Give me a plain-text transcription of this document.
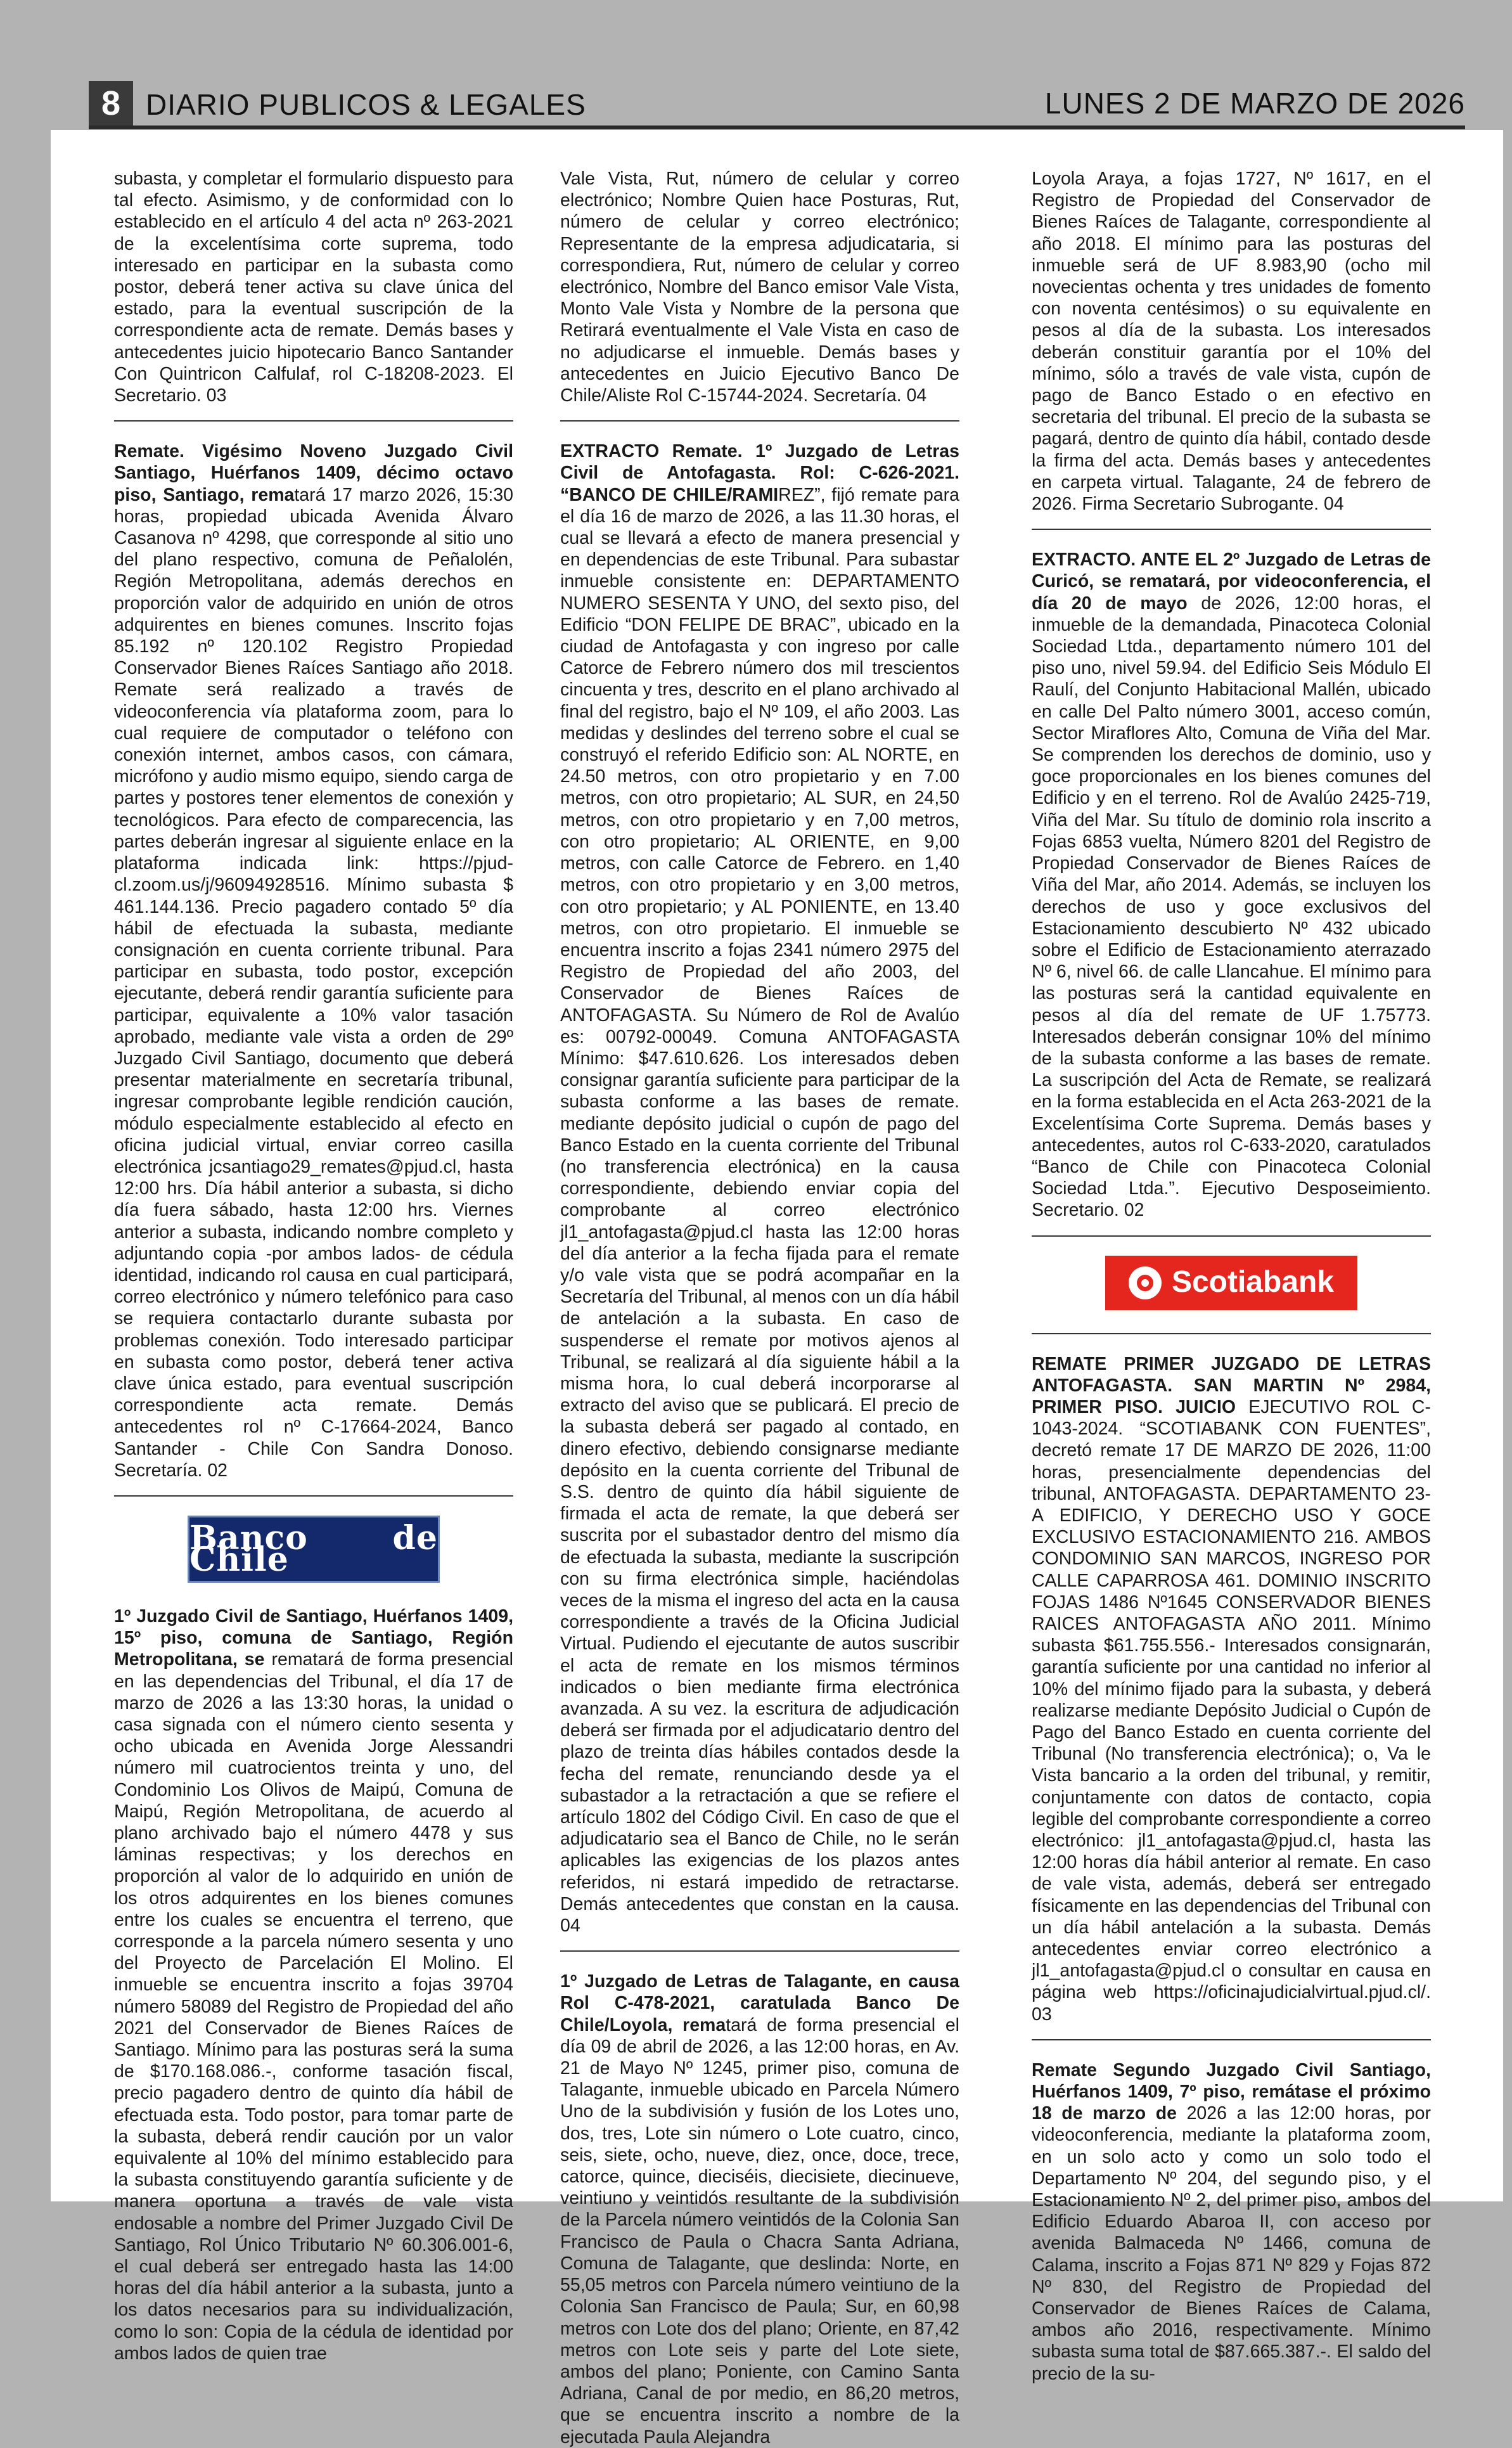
8 DIARIO PUBLICOS & LEGALES	LUNES 2 DE MARZO DE 2026

subasta, y completar el formulario dispuesto para tal efecto. Asimismo, y de conformidad con lo establecido en el artículo 4 del acta nº 263-2021 de la excelentísima corte suprema, todo interesado en participar en la subasta como postor, deberá tener activa su clave única del estado, para la eventual suscripción de la correspondiente acta de remate. Demás bases y antecedentes juicio hipotecario Banco Santander Con Quintricon Calfulaf, rol C-18208-2023. El Secretario. 03

Remate. Vigésimo Noveno Juzgado Civil Santiago, Huérfanos 1409, décimo octavo piso, Santiago, rematará 17 marzo 2026, 15:30 horas, propiedad ubicada Avenida Álvaro Casanova nº 4298, que corresponde al sitio uno del plano respectivo, comuna de Peñalolén, Región Metropolitana, además derechos en proporción valor de adquirido en unión de otros adquirentes en bienes comunes. Inscrito fojas 85.192 nº 120.102 Registro Propiedad Conservador Bienes Raíces Santiago año 2018. Remate será realizado a través de videoconferencia vía plataforma zoom, para lo cual requiere de computador o teléfono con conexión internet, ambos casos, con cámara, micrófono y audio mismo equipo, siendo carga de partes y postores tener elementos de conexión y tecnológicos. Para efecto de comparecencia, las partes deberán ingresar al siguiente enlace en la plataforma indicada link: https://pjud-cl.zoom.us/j/96094928516. Mínimo subasta $ 461.144.136. Precio pagadero contado 5º día hábil de efectuada la subasta, mediante consignación en cuenta corriente tribunal. Para participar en subasta, todo postor, excepción ejecutante, deberá rendir garantía suficiente para participar, equivalente a 10% valor tasación aprobado, mediante vale vista a orden de 29º Juzgado Civil Santiago, documento que deberá presentar materialmente en secretaría tribunal, ingresar comprobante legible rendición caución, módulo especialmente establecido al efecto en oficina judicial virtual, enviar correo casilla electrónica jcsantiago29_remates@pjud.cl, hasta 12:00 hrs. Día hábil anterior a subasta, si dicho día fuera sábado, hasta 12:00 hrs. Viernes anterior a subasta, indicando nombre completo y adjuntando copia -por ambos lados- de cédula identidad, indicando rol causa en cual participará, correo electrónico y número telefónico para caso se requiera contactarlo durante subasta por problemas conexión. Todo interesado participar en subasta como postor, deberá tener activa clave única estado, para eventual suscripción correspondiente acta remate. Demás antecedentes rol nº C-17664-2024, Banco Santander - Chile Con Sandra Donoso. Secretaría. 02

Banco de Chile

1º Juzgado Civil de Santiago, Huérfanos 1409, 15º piso, comuna de Santiago, Región Metropolitana, se rematará de forma presencial en las dependencias del Tribunal, el día 17 de marzo de 2026 a las 13:30 horas, la unidad o casa signada con el número ciento sesenta y ocho ubicada en Avenida Jorge Alessandri número mil cuatrocientos treinta y uno, del Condominio Los Olivos de Maipú, Comuna de Maipú, Región Metropolitana, de acuerdo al plano archivado bajo el número 4478 y sus láminas respectivas; y los derechos en proporción al valor de lo adquirido en unión de los otros adquirentes en los bienes comunes entre los cuales se encuentra el terreno, que corresponde a la parcela número sesenta y uno del Proyecto de Parcelación El Molino. El inmueble se encuentra inscrito a fojas 39704 número 58089 del Registro de Propiedad del año 2021 del Conservador de Bienes Raíces de Santiago. Mínimo para las posturas será la suma de $170.168.086.-, conforme tasación fiscal, precio pagadero dentro de quinto día hábil de efectuada esta. Todo postor, para tomar parte de la subasta, deberá rendir caución por un valor equivalente al 10% del mínimo establecido para la subasta constituyendo garantía suficiente y de manera oportuna a través de vale vista endosable a nombre del Primer Juzgado Civil De Santiago, Rol Único Tributario Nº 60.306.001-6, el cual deberá ser entregado hasta las 14:00 horas del día hábil anterior a la subasta, junto a los datos necesarios para su individualización, como lo son: Copia de la cédula de identidad por ambos lados de quien trae

Vale Vista, Rut, número de celular y correo electrónico; Nombre Quien hace Posturas, Rut, número de celular y correo electrónico; Representante de la empresa adjudicataria, si correspondiera, Rut, número de celular y correo electrónico, Nombre del Banco emisor Vale Vista, Monto Vale Vista y Nombre de la persona que Retirará eventualmente el Vale Vista en caso de no adjudicarse el inmueble. Demás bases y antecedentes en Juicio Ejecutivo Banco De Chile/Aliste Rol C-15744-2024. Secretaría. 04

EXTRACTO Remate. 1º Juzgado de Letras Civil de Antofagasta. Rol: C-626-2021. “BANCO DE CHILE/RAMIREZ”, fijó remate para el día 16 de marzo de 2026, a las 11.30 horas, el cual se llevará a efecto de manera presencial y en dependencias de este Tribunal. Para subastar inmueble consistente en: DEPARTAMENTO NUMERO SESENTA Y UNO, del sexto piso, del Edificio “DON FELIPE DE BRAC”, ubicado en la ciudad de Antofagasta y con ingreso por calle Catorce de Febrero número dos mil trescientos cincuenta y tres, descrito en el plano archivado al final del registro, bajo el Nº 109, el año 2003. Las medidas y deslindes del terreno sobre el cual se construyó el referido Edificio son: AL NORTE, en 24.50 metros, con otro propietario y en 7.00 metros, con otro propietario; AL SUR, en 24,50 metros, con otro propietario y en 7,00 metros, con otro propietario; AL ORIENTE, en 9,00 metros, con calle Catorce de Febrero. en 1,40 metros, con otro propietario y en 3,00 metros, con otro propietario; y AL PONIENTE, en 13.40 metros, con otro propietario. El inmueble se encuentra inscrito a fojas 2341 número 2975 del Registro de Propiedad del año 2003, del Conservador de Bienes Raíces de ANTOFAGASTA. Su Número de Rol de Avalúo es: 00792-00049. Comuna ANTOFAGASTA Mínimo: $47.610.626. Los interesados deben consignar garantía suficiente para participar de la subasta conforme a las bases de remate. mediante depósito judicial o cupón de pago del Banco Estado en la cuenta corriente del Tribunal (no transferencia electrónica) en la causa correspondiente, debiendo enviar copia del comprobante al correo electrónico jl1_antofagasta@pjud.cl hasta las 12:00 horas del día anterior a la fecha fijada para el remate y/o vale vista que se podrá acompañar en la Secretaría del Tribunal, al menos con un día hábil de antelación a la subasta. En caso de suspenderse el remate por motivos ajenos al Tribunal, se realizará al día siguiente hábil a la misma hora, lo cual deberá incorporarse al extracto del aviso que se publicará. El precio de la subasta deberá ser pagado al contado, en dinero efectivo, debiendo consignarse mediante depósito en la cuenta corriente del Tribunal de S.S. dentro de quinto día hábil siguiente de firmada el acta de remate, la que deberá ser suscrita por el subastador dentro del mismo día de efectuada la subasta, mediante la suscripción con su firma electrónica simple, haciéndolas veces de la misma el ingreso del acta en la causa correspondiente a través de la Oficina Judicial Virtual. Pudiendo el ejecutante de autos suscribir el acta de remate en los mismos términos indicados o bien mediante firma electrónica avanzada. A su vez. la escritura de adjudicación deberá ser firmada por el adjudicatario dentro del plazo de treinta días hábiles contados desde la fecha del remate, renunciando desde ya el subastador a la retractación a que se refiere el artículo 1802 del Código Civil. En caso de que el adjudicatario sea el Banco de Chile, no le serán aplicables las exigencias de los plazos antes referidos, ni estará impedido de retractarse. Demás antecedentes que constan en la causa. 04

1º Juzgado de Letras de Talagante, en causa Rol C-478-2021, caratulada Banco De Chile/Loyola, rematará de forma presencial el día 09 de abril de 2026, a las 12:00 horas, en Av. 21 de Mayo Nº 1245, primer piso, comuna de Talagante, inmueble ubicado en Parcela Número Uno de la subdivisión y fusión de los Lotes uno, dos, tres, Lote sin número o Lote cuatro, cinco, seis, siete, ocho, nueve, diez, once, doce, trece, catorce, quince, dieciséis, diecisiete, diecinueve, veintiuno y veintidós resultante de la subdivisión de la Parcela número veintidós de la Colonia San Francisco de Paula o Chacra Santa Adriana, Comuna de Talagante, que deslinda: Norte, en 55,05 metros con Parcela número veintiuno de la Colonia San Francisco de Paula; Sur, en 60,98 metros con Lote dos del plano; Oriente, en 87,42 metros con Lote seis y parte del Lote siete, ambos del plano; Poniente, con Camino Santa Adriana, Canal de por medio, en 86,20 metros, que se encuentra inscrito a nombre de la ejecutada Paula Alejandra

Loyola Araya, a fojas 1727, Nº 1617, en el Registro de Propiedad del Conservador de Bienes Raíces de Talagante, correspondiente al año 2018. El mínimo para las posturas del inmueble será de UF 8.983,90 (ocho mil novecientas ochenta y tres unidades de fomento con noventa centésimos) o su equivalente en pesos al día de la subasta. Los interesados deberán constituir garantía por el 10% del mínimo, sólo a través de vale vista, cupón de pago de Banco Estado o en efectivo en secretaria del tribunal. El precio de la subasta se pagará, dentro de quinto día hábil, contado desde la firma del acta. Demás bases y antecedentes en carpeta virtual. Talagante, 24 de febrero de 2026. Firma Secretario Subrogante. 04

EXTRACTO. ANTE EL 2º Juzgado de Letras de Curicó, se rematará, por videoconferencia, el día 20 de mayo de 2026, 12:00 horas, el inmueble de la demandada, Pinacoteca Colonial Sociedad Ltda., departamento número 101 del piso uno, nivel 59.94. del Edificio Seis Módulo El Raulí, del Conjunto Habitacional Mallén, ubicado en calle Del Palto número 3001, acceso común, Sector Miraflores Alto, Comuna de Viña del Mar. Se comprenden los derechos de dominio, uso y goce proporcionales en los bienes comunes del Edificio y en el terreno. Rol de Avalúo 2425-719, Viña del Mar. Su título de dominio rola inscrito a Fojas 6853 vuelta, Número 8201 del Registro de Propiedad Conservador de Bienes Raíces de Viña del Mar, año 2014. Además, se incluyen los derechos de uso y goce exclusivos del Estacionamiento descubierto Nº 432 ubicado sobre el Edificio de Estacionamiento aterrazado Nº 6, nivel 66. de calle Llancahue. El mínimo para las posturas será la cantidad equivalente en pesos al día del remate de UF 1.75773. Interesados deberán consignar 10% del mínimo de la subasta conforme a las bases de remate. La suscripción del Acta de Remate, se realizará en la forma establecida en el Acta 263-2021 de la Excelentísima Corte Suprema. Demás bases y antecedentes, autos rol C-633-2020, caratulados “Banco de Chile con Pinacoteca Colonial Sociedad Ltda.”. Ejecutivo Desposeimiento. Secretario. 02

Scotiabank

REMATE PRIMER JUZGADO DE LETRAS ANTOFAGASTA. SAN MARTIN Nº 2984, PRIMER PISO. JUICIO EJECUTIVO ROL C-1043-2024. “SCOTIABANK CON FUENTES”, decretó remate 17 DE MARZO DE 2026, 11:00 horas, presencialmente dependencias del tribunal, ANTOFAGASTA. DEPARTAMENTO 23-A EDIFICIO, Y DERECHO USO Y GOCE EXCLUSIVO ESTACIONAMIENTO 216. AMBOS CONDOMINIO SAN MARCOS, INGRESO POR CALLE CAPARROSA 461. DOMINIO INSCRITO FOJAS 1486 Nº1645 CONSERVADOR BIENES RAICES ANTOFAGASTA AÑO 2011. Mínimo subasta $61.755.556.- Interesados consignarán, garantía suficiente por una cantidad no inferior al 10% del mínimo fijado para la subasta, y deberá realizarse mediante Depósito Judicial o Cupón de Pago del Banco Estado en cuenta corriente del Tribunal (No transferencia electrónica); o, Va le Vista bancario a la orden del tribunal, y remitir, conjuntamente con datos de contacto, copia legible del comprobante correspondiente a correo electrónico: jl1_antofagasta@pjud.cl, hasta las 12:00 horas día hábil anterior al remate. En caso de vale vista, además, deberá ser entregado físicamente en las dependencias del Tribunal con un día hábil antelación a la subasta. Demás antecedentes enviar correo electrónico a jl1_antofagasta@pjud.cl o consultar en causa en página web https://oficinajudicialvirtual.pjud.cl/. 03

Remate Segundo Juzgado Civil Santiago, Huérfanos 1409, 7º piso, remátase el próximo 18 de marzo de 2026 a las 12:00 horas, por videoconferencia, mediante la plataforma zoom, en un solo acto y como un solo todo el Departamento Nº 204, del segundo piso, y el Estacionamiento Nº 2, del primer piso, ambos del Edificio Eduardo Abaroa II, con acceso por avenida Balmaceda Nº 1466, comuna de Calama, inscrito a Fojas 871 Nº 829 y Fojas 872 Nº 830, del Registro de Propiedad del Conservador de Bienes Raíces de Calama, ambos año 2016, respectivamente. Mínimo subasta suma total de $87.665.387.-. El saldo del precio de la su-
